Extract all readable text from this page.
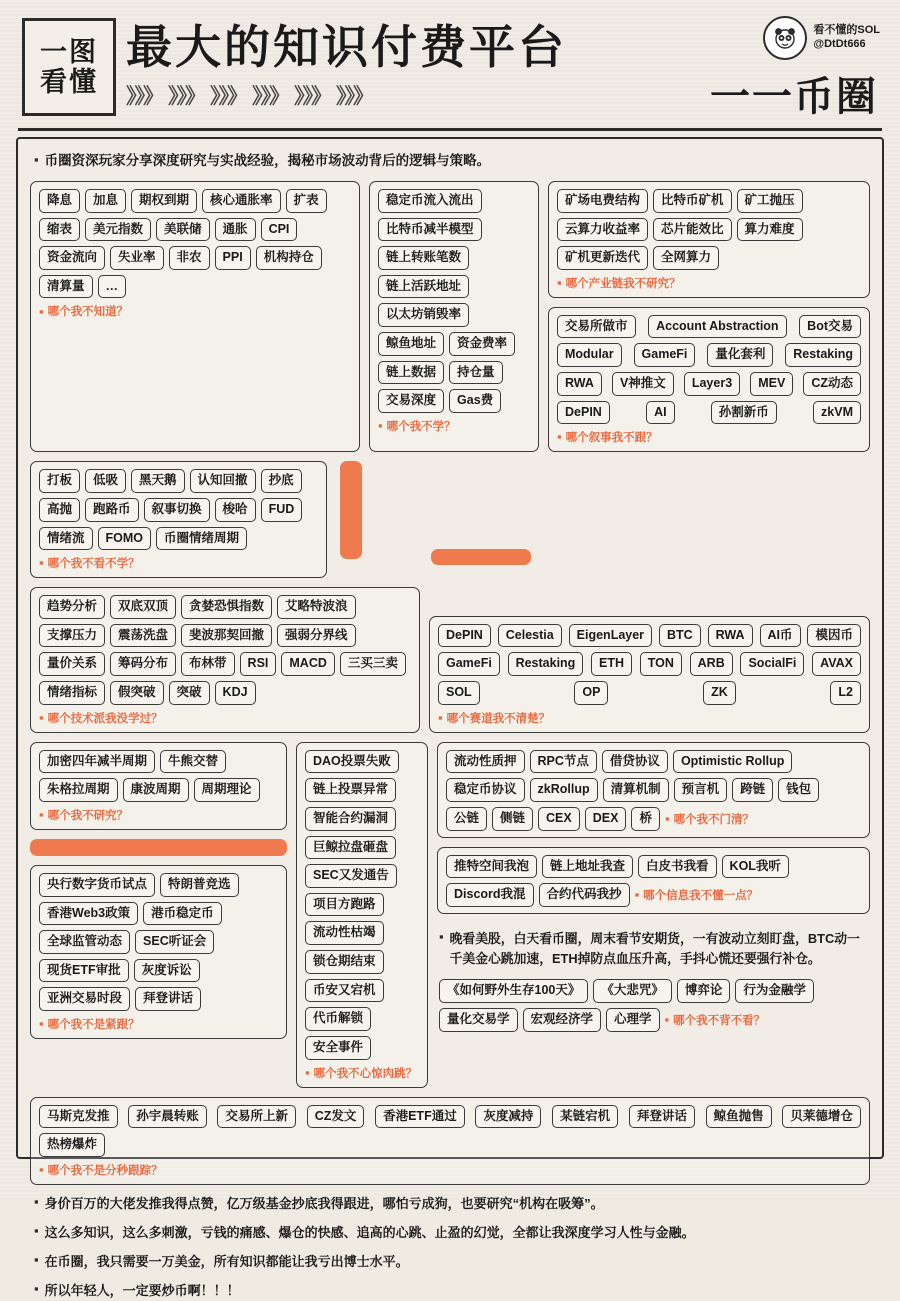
一图
看懂
最大的知识付费平台
》》》 》》》 》》》 》》》 》》》 》》》
看不懂的SOL
@DtDt666
一一币圈
▪ 币圈资深玩家分享深度研究与实战经验，揭秘市场波动背后的逻辑与策略。
降息	加息	期权到期	核心通胀率	扩表
缩表	美元指数	美联储	通胀	CPI
资金流向	失业率	非农	PPI	机构持仓
清算量	…
▪ 哪个我不知道？
稳定币流入流出
比特币减半模型
链上转账笔数
链上活跃地址
以太坊销毁率
鲸鱼地址	资金费率
链上数据	持仓量
交易深度	Gas费
▪ 哪个我不学？
矿场电费结构	比特币矿机	矿工抛压
云算力收益率	芯片能效比	算力难度
矿机更新迭代	全网算力
▪ 哪个产业链我不研究？
交易所做市	Account Abstraction	Bot交易
Modular	GameFi	量化套利	Restaking
RWA	V神推文	Layer3	MEV	CZ动态
DePIN	AI	孙割新币	zkVM
▪ 哪个叙事我不跟？
打板	低吸	黑天鹅	认知回撤	抄底
高抛	跑路币	叙事切换	梭哈	FUD
情绪流	FOMO	币圈情绪周期
▪ 哪个我不看不学？
趋势分析	双底双顶	贪婪恐惧指数	艾略特波浪
支撑压力	震荡洗盘	斐波那契回撤	强弱分界线
量价关系	筹码分布	布林带	RSI	MACD	三买三卖
情绪指标	假突破	突破	KDJ
▪ 哪个技术派我没学过？
DePIN	Celestia	EigenLayer	BTC	RWA	AI币	模因币
GameFi	Restaking	ETH	TON	ARB	SocialFi	AVAX
SOL	OP	ZK	L2
▪ 哪个赛道我不清楚？
加密四年减半周期	牛熊交替
朱格拉周期	康波周期	周期理论
▪ 哪个我不研究？
央行数字货币试点	特朗普竞选
香港Web3政策	港币稳定币
全球监管动态	SEC听证会
现货ETF审批	灰度诉讼
亚洲交易时段	拜登讲话
▪ 哪个我不是紧跟？
DAO投票失败
链上投票异常
智能合约漏洞
巨鲸拉盘砸盘
SEC又发通告
项目方跑路
流动性枯竭
锁仓期结束
币安又宕机
代币解锁
安全事件
▪ 哪个我不心惊肉跳？
流动性质押	RPC节点	借贷协议	Optimistic Rollup
稳定币协议	zkRollup	清算机制	预言机	跨链	钱包
公链	侧链	CEX	DEX	桥	▪ 哪个我不门清？
推特空间我泡	链上地址我查	白皮书我看	KOL我听
Discord我混	合约代码我抄	▪ 哪个信息我不懂一点？
▪ 晚看美股，白天看币圈，周末看节安期货，一有波动立刻盯盘，BTC动一千美金心跳加速，ETH掉防点血压升高，手抖心慌还要强行补仓。
《如何野外生存100天》	《大悲咒》	博弈论	行为金融学
量化交易学	宏观经济学	心理学	▪ 哪个我不背不看？
马斯克发推	孙宇晨转账	交易所上新	CZ发文	香港ETF通过	灰度减持	某链宕机	拜登讲话	鲸鱼抛售	贝莱德增仓
热榜爆炸
▪ 哪个我不是分秒跟踪？
▪ 身价百万的大佬发推我得点赞，亿万级基金抄底我得跟进，哪怕亏成狗，也要研究“机构在吸筹”。
▪ 这么多知识，这么多刺激，亏钱的痛感、爆仓的快感、追高的心跳、止盈的幻觉，全都让我深度学习人性与金融。
▪ 在币圈，我只需要一万美金，所有知识都能让我亏出博士水平。
▪ 所以年轻人，一定要炒币啊！！！
